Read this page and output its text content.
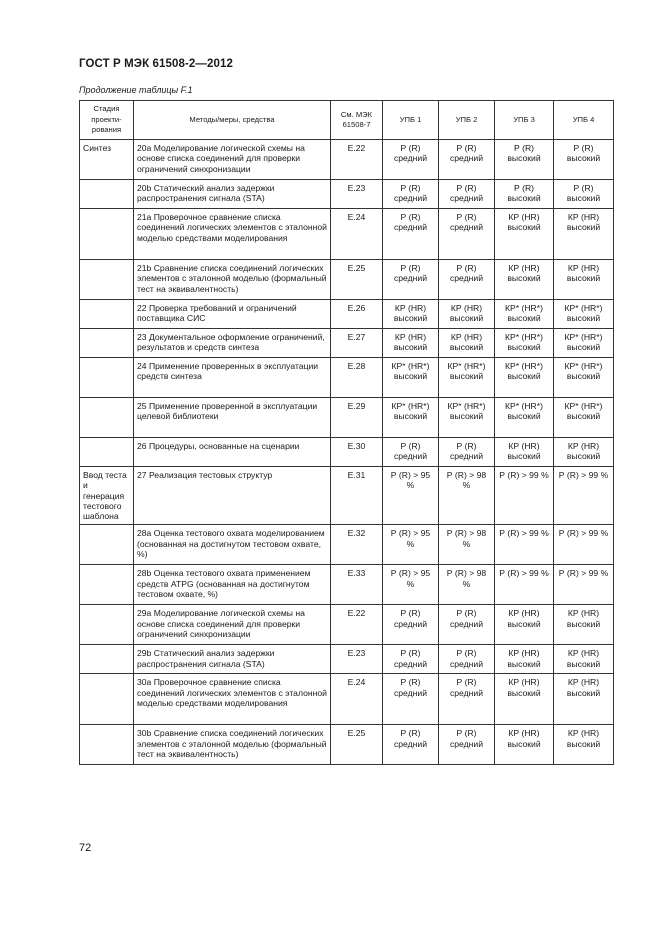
ГОСТ Р МЭК 61508-2—2012
Продолжение таблицы F.1
Стадия проекти-рования	Методы/меры, средства	См. МЭК 61508-7	УПБ 1	УПБ 2	УПБ 3	УПБ 4
Синтез	20а Моделирование логической схемы на основе списка соединений для проверки ограничений синхронизации	E.22	Р (R) средний	Р (R) средний	Р (R) высокий	Р (R) высокий
	20b Статический анализ задержки распространения сигнала (STA)	E.23	Р (R) средний	Р (R) средний	Р (R) высокий	Р (R) высокий
	21a Проверочное сравнение списка соединений логических элементов с эталонной моделью средствами моделирования	E.24	Р (R) средний	Р (R) средний	КР (HR) высокий	КР (HR) высокий
	21b Сравнение списка соединений логических элементов с эталонной моделью (формальный тест на эквивалентность)	E.25	Р (R) средний	Р (R) средний	КР (HR) высокий	КР (HR) высокий
	22 Проверка требований и ограничений поставщика СИС	E.26	КР (HR) высокий	КР (HR) высокий	КР* (HR*) высокий	КР* (HR*) высокий
	23 Документальное оформление ограничений, результатов и средств синтеза	E.27	КР (HR) высокий	КР (HR) высокий	КР* (HR*) высокий	КР* (HR*) высокий
	24 Применение проверенных в эксплуатации средств синтеза	E.28	КР* (HR*) высокий	КР* (HR*) высокий	КР* (HR*) высокий	КР* (HR*) высокий
	25 Применение проверенной в эксплуатации целевой библиотеки	E.29	КР* (HR*) высокий	КР* (HR*) высокий	КР* (HR*) высокий	КР* (HR*) высокий
	26 Процедуры, основанные на сценарии	E.30	Р (R) средний	Р (R) средний	КР (HR) высокий	КР (HR) высокий
Ввод теста и генерация тестового шаблона	27 Реализация тестовых структур	E.31	Р (R) > 95 %	Р (R) > 98 %	Р (R) > 99 %	Р (R) > 99 %
	28a Оценка тестового охвата моделированием (основанная на достигнутом тестовом охвате, %)	E.32	Р (R) > 95 %	Р (R) > 98 %	Р (R) > 99 %	Р (R) > 99 %
	28b Оценка тестового охвата применением средств ATPG (основанная на достигнутом тестовом охвате, %)	E.33	Р (R) > 95 %	Р (R) > 98 %	Р (R) > 99 %	Р (R) > 99 %
	29a Моделирование логической схемы на основе списка соединений для проверки ограничений синхронизации	E.22	Р (R) средний	Р (R) средний	КР (HR) высокий	КР (HR) высокий
	29b Статический анализ задержки распространения сигнала (STA)	E.23	Р (R) средний	Р (R) средний	КР (HR) высокий	КР (HR) высокий
	30a Проверочное сравнение списка соединений логических элементов с эталонной моделью средствами моделирования	E.24	Р (R) средний	Р (R) средний	КР (HR) высокий	КР (HR) высокий
	30b Сравнение списка соединений логических элементов с эталонной моделью (формальный тест на эквивалентность)	E.25	Р (R) средний	Р (R) средний	КР (HR) высокий	КР (HR) высокий
72
